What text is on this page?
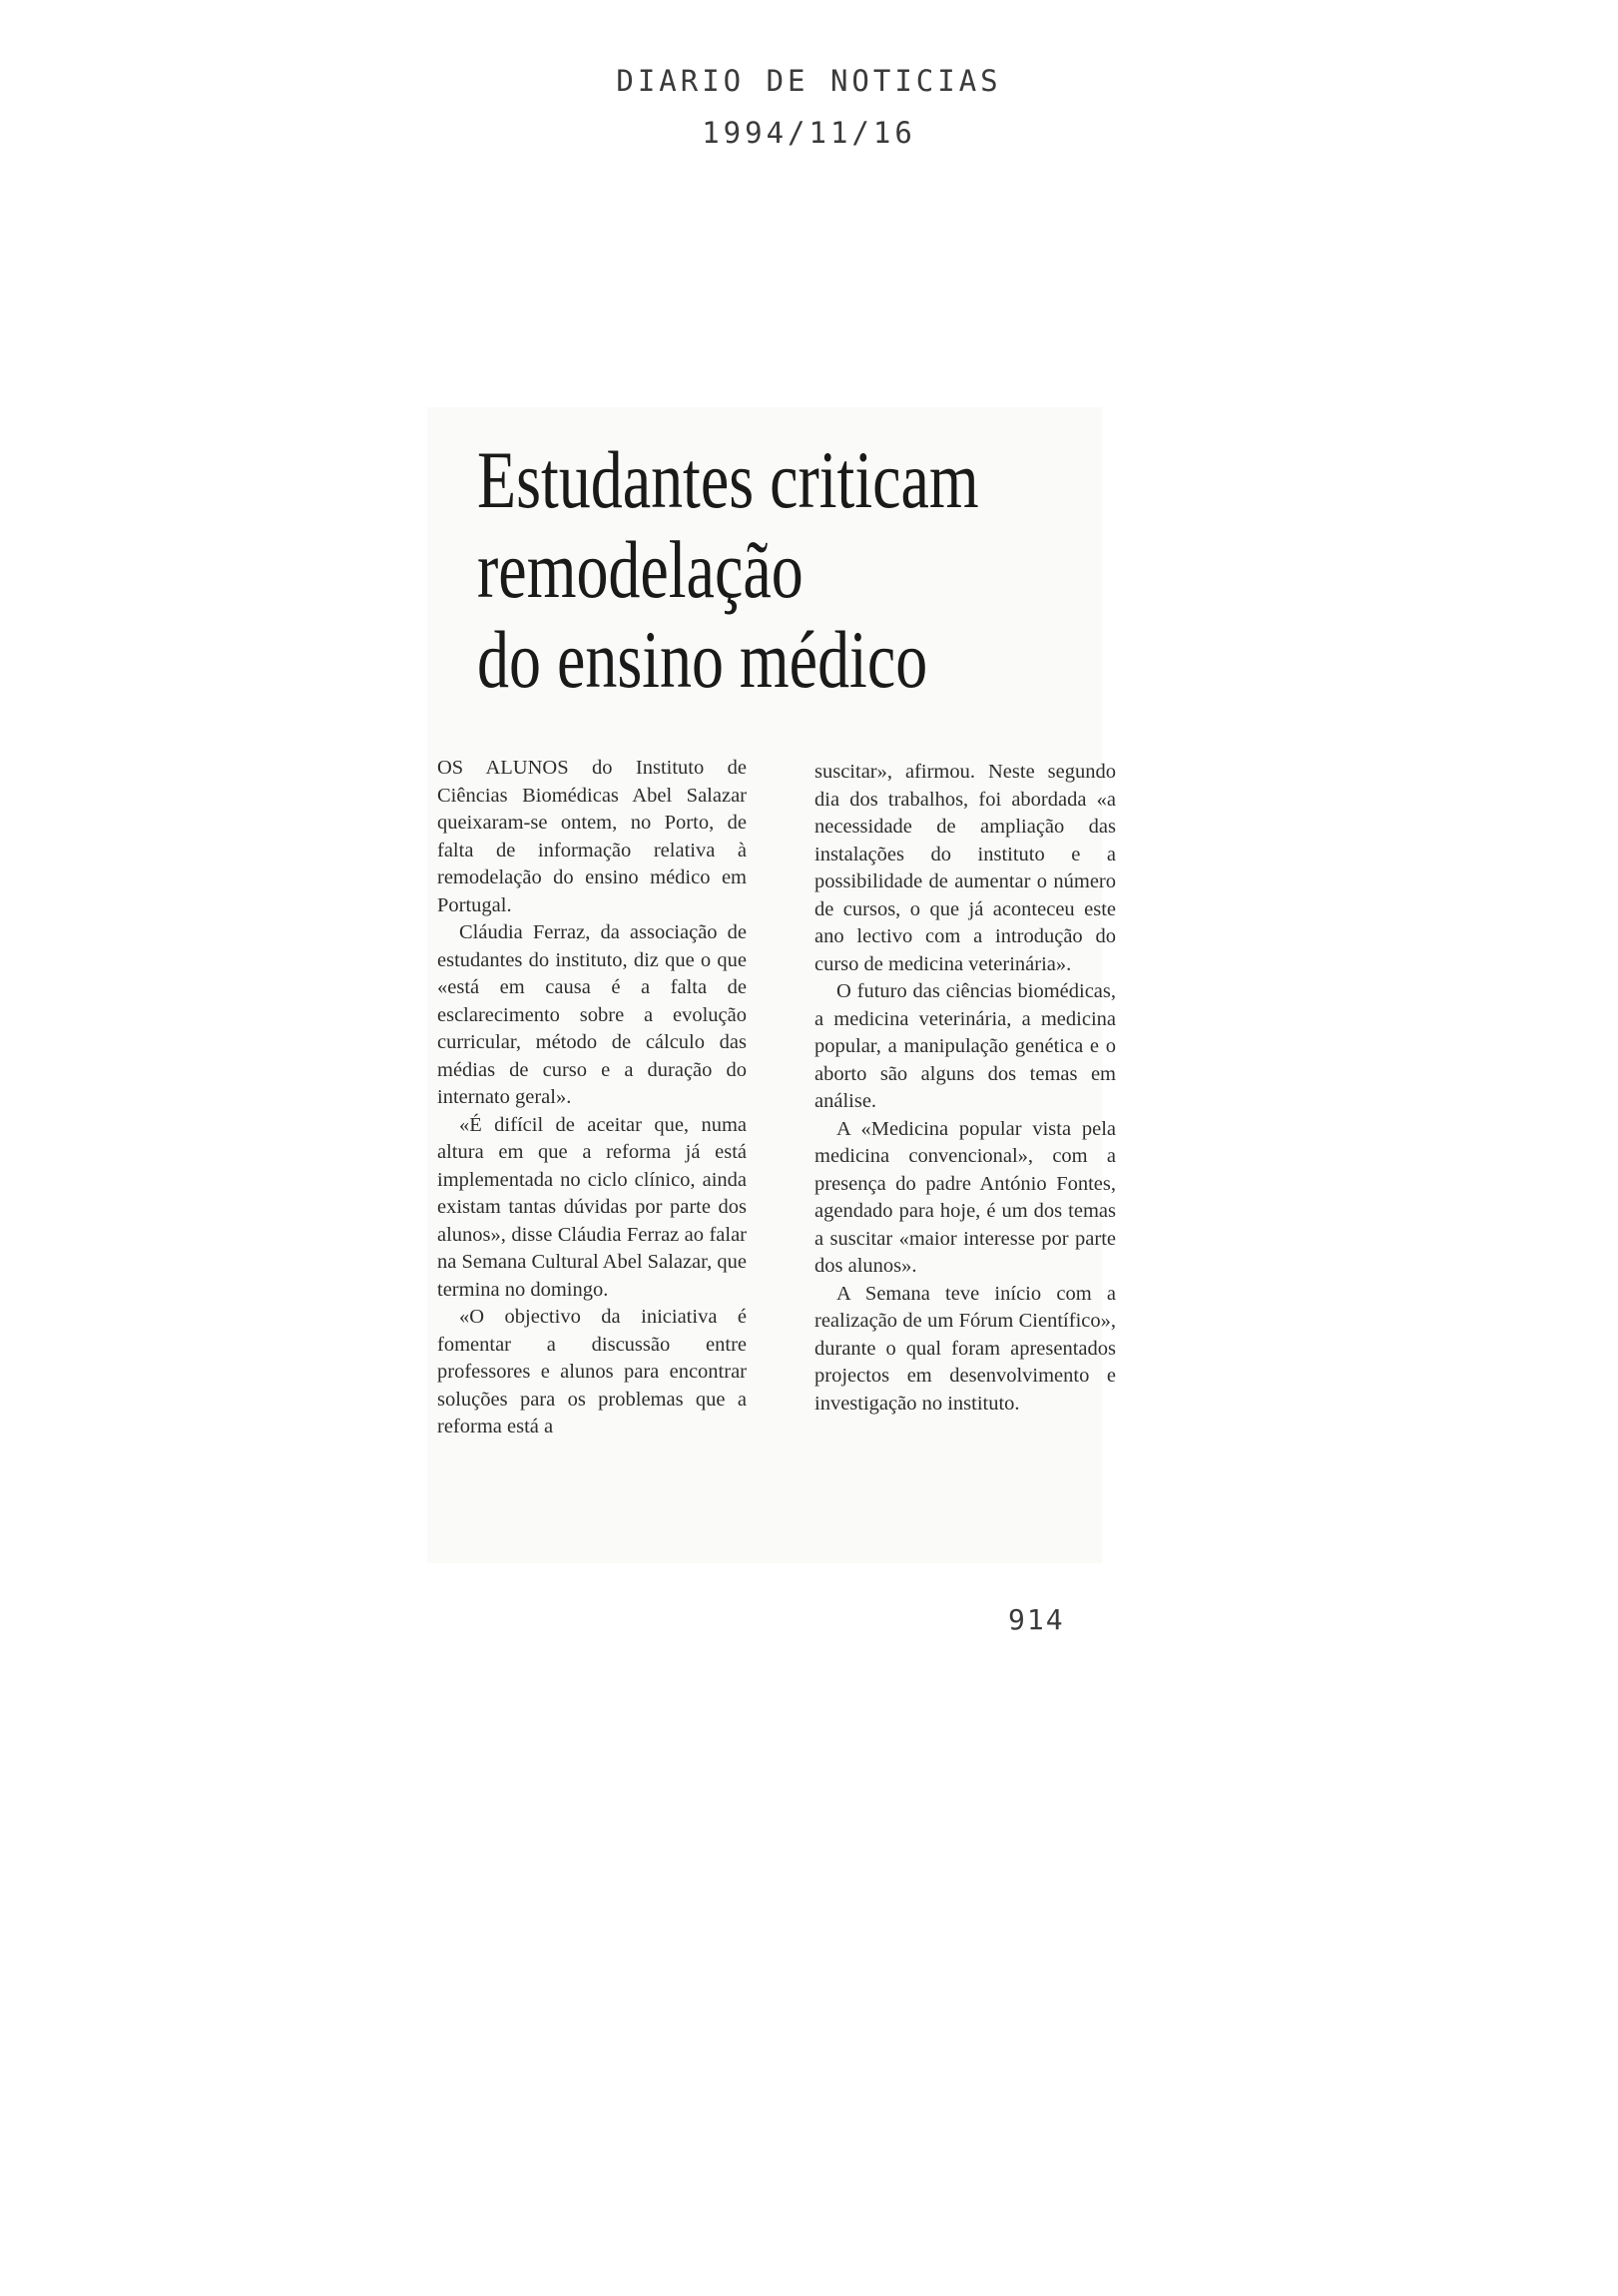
DIARIO DE NOTICIAS
1994/11/16
Estudantes criticam
remodelação
do ensino médico

OS ALUNOS do Instituto de Ciências Biomédicas Abel Salazar queixaram-se ontem, no Porto, de falta de informação relativa à remodelação do ensino médico em Portugal.

Cláudia Ferraz, da associação de estudantes do instituto, diz que o que «está em causa é a falta de esclarecimento sobre a evolução curricular, método de cálculo das médias de curso e a duração do internato geral».

«É difícil de aceitar que, numa altura em que a reforma já está implementada no ciclo clínico, ainda existam tantas dúvidas por parte dos alunos», disse Cláudia Ferraz ao falar na Semana Cultural Abel Salazar, que termina no domingo.

«O objectivo da iniciativa é fomentar a discussão entre professores e alunos para encontrar soluções para os problemas que a reforma está a

suscitar», afirmou. Neste segundo dia dos trabalhos, foi abordada «a necessidade de ampliação das instalações do instituto e a possibilidade de aumentar o número de cursos, o que já aconteceu este ano lectivo com a introdução do curso de medicina veterinária».

O futuro das ciências biomédicas, a medicina veterinária, a medicina popular, a manipulação genética e o aborto são alguns dos temas em análise.

A «Medicina popular vista pela medicina convencional», com a presença do padre António Fontes, agendado para hoje, é um dos temas a suscitar «maior interesse por parte dos alunos».

A Semana teve início com a realização de um Fórum Científico», durante o qual foram apresentados projectos em desenvolvimento e investigação no instituto.

914
